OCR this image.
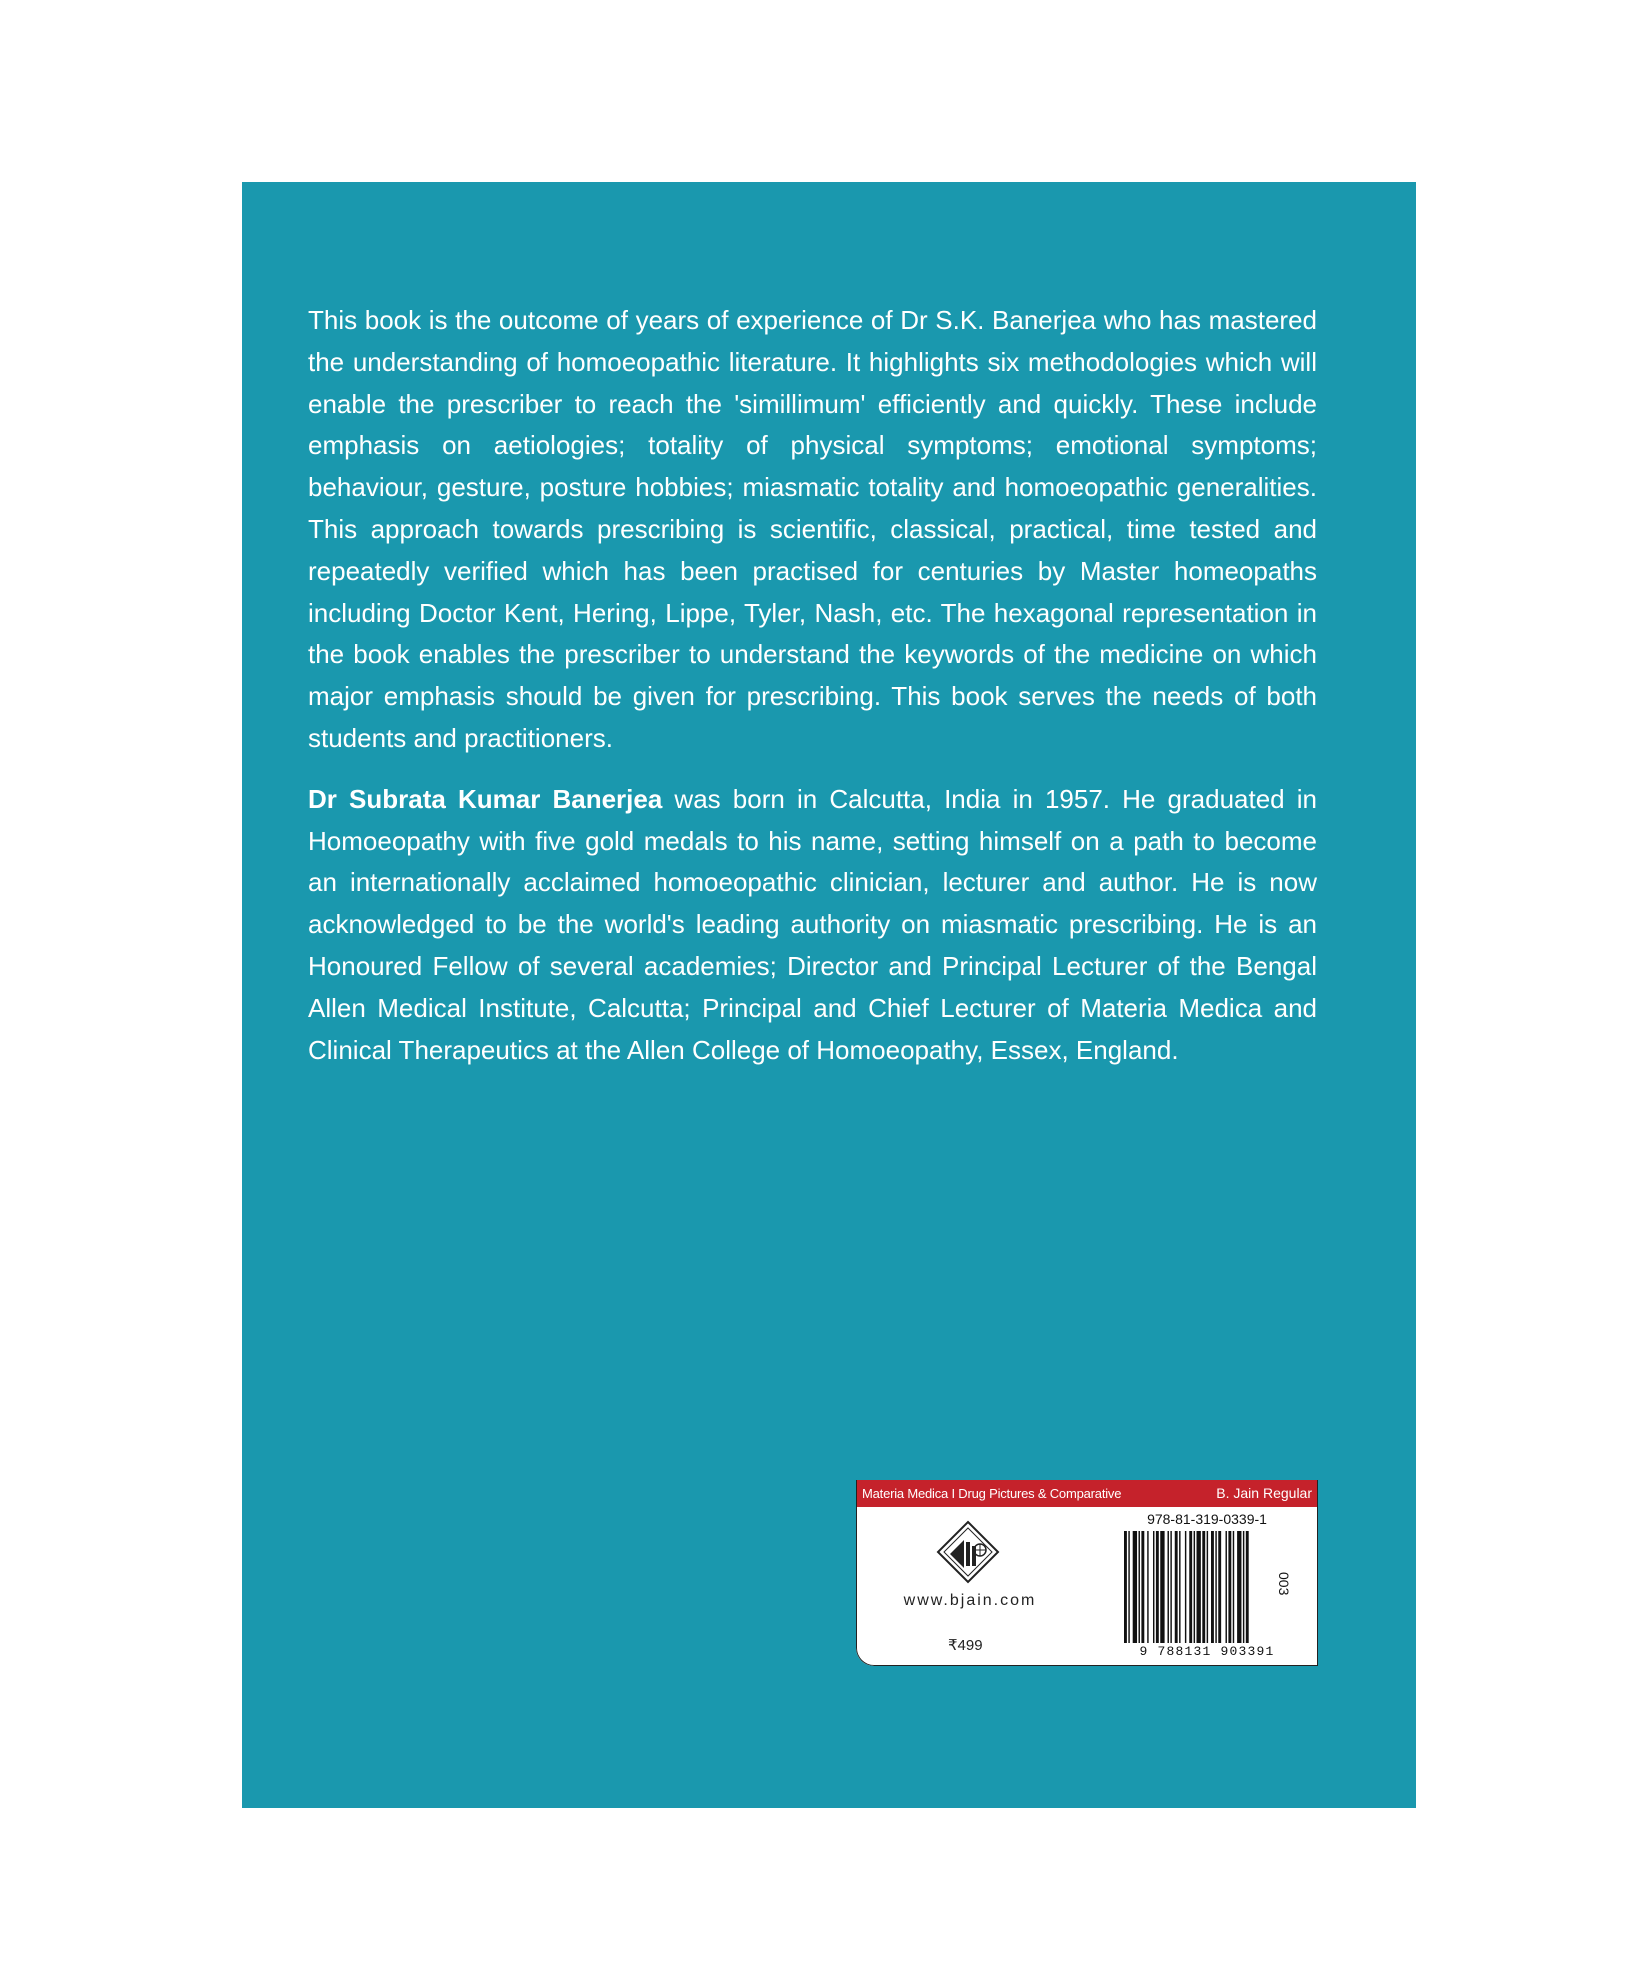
This book is the outcome of years of experience of Dr S.K. Banerjea who has mastered the understanding of homoeopathic literature. It highlights six methodologies which will enable the prescriber to reach the 'simillimum' efficiently and quickly. These include emphasis on aetiologies; totality of physical symptoms; emotional symptoms; behaviour, gesture, posture hobbies; miasmatic totality and homoeopathic generalities. This approach towards prescribing is scientific, classical, practical, time tested and repeatedly verified which has been practised for centuries by Master homeopaths including Doctor Kent, Hering, Lippe, Tyler, Nash, etc. The hexagonal representation in the book enables the prescriber to understand the keywords of the medicine on which major emphasis should be given for prescribing. This book serves the needs of both students and practitioners.

Dr Subrata Kumar Banerjea was born in Calcutta, India in 1957. He graduated in Homoeopathy with five gold medals to his name, setting himself on a path to become an internationally acclaimed homoeopathic clinician, lecturer and author. He is now acknowledged to be the world's leading authority on miasmatic prescribing. He is an Honoured Fellow of several academies; Director and Principal Lecturer of the Bengal Allen Medical Institute, Calcutta; Principal and Chief Lecturer of Materia Medica and Clinical Therapeutics at the Allen College of Homoeopathy, Essex, England.

Materia Medica I Drug Pictures & Comparative	B. Jain Regular
www.bjain.com
₹499
978-81-319-0339-1
9 788131 903391
003
